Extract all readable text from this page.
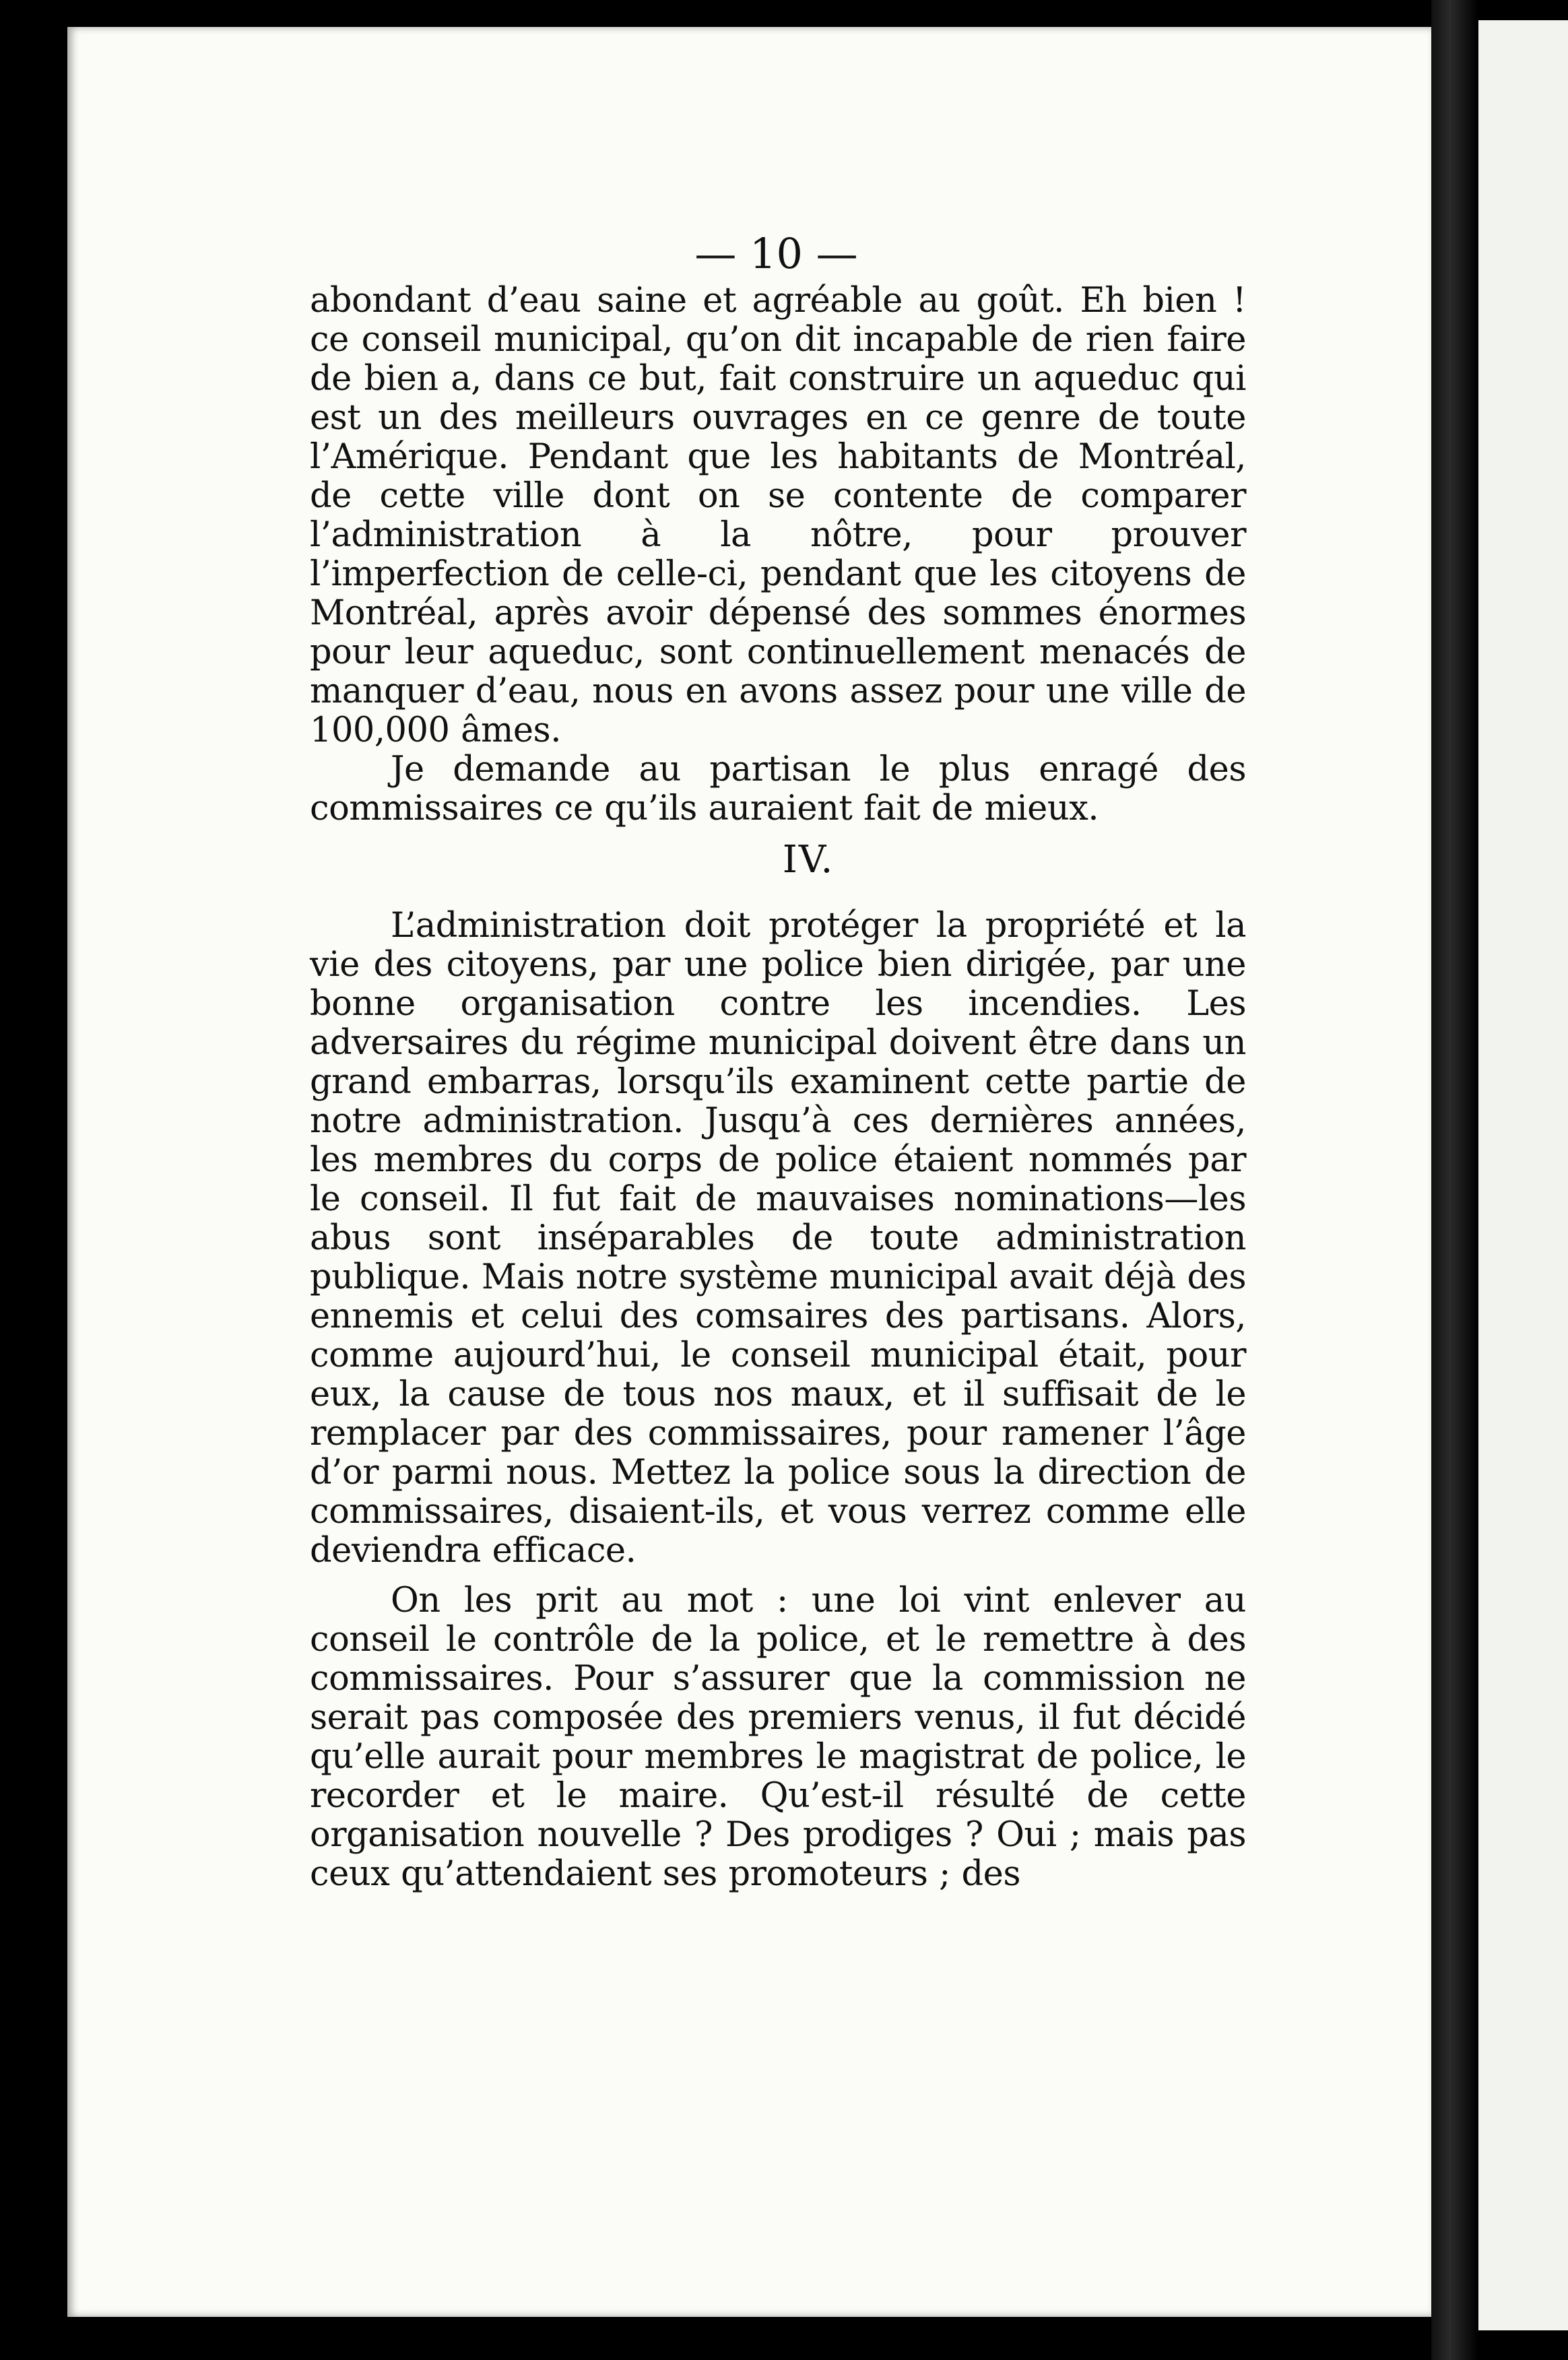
— 10 —

abondant d’eau saine et agréable au goût. Eh bien ! ce conseil municipal, qu’on dit incapable de rien faire de bien a, dans ce but, fait construire un aqueduc qui est un des meilleurs ouvrages en ce genre de toute l’Amérique. Pendant que les habitants de Montréal, de cette ville dont on se contente de comparer l’administration à la nôtre, pour prouver l’imperfection de celle-ci, pendant que les citoyens de Montréal, après avoir dépensé des sommes énormes pour leur aqueduc, sont continuellement menacés de manquer d’eau, nous en avons assez pour une ville de 100,000 âmes.

Je demande au partisan le plus enragé des commissaires ce qu’ils auraient fait de mieux.

IV.

L’administration doit protéger la propriété et la vie des citoyens, par une police bien dirigée, par une bonne organisation contre les incendies. Les adversaires du régime municipal doivent être dans un grand embarras, lorsqu’ils examinent cette partie de notre administration. Jusqu’à ces dernières années, les membres du corps de police étaient nommés par le conseil. Il fut fait de mauvaises nominations—les abus sont inséparables de toute administration publique. Mais notre système municipal avait déjà des ennemis et celui des comsaires des partisans. Alors, comme aujourd’hui, le conseil municipal était, pour eux, la cause de tous nos maux, et il suffisait de le remplacer par des commissaires, pour ramener l’âge d’or parmi nous. Mettez la police sous la direction de commissaires, disaient-ils, et vous verrez comme elle deviendra efficace.

On les prit au mot : une loi vint enlever au conseil le contrôle de la police, et le remettre à des commissaires. Pour s’assurer que la commission ne serait pas composée des premiers venus, il fut décidé qu’elle aurait pour membres le magistrat de police, le recorder et le maire. Qu’est-il résulté de cette organisation nouvelle ? Des prodiges ? Oui ; mais pas ceux qu’attendaient ses promoteurs ; des
